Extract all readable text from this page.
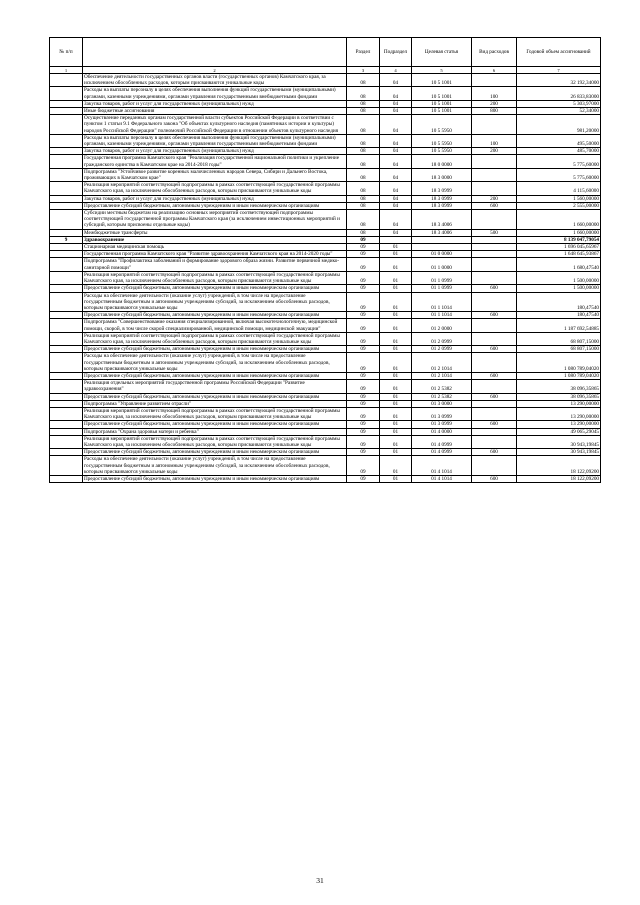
№ п/п		Раздел	Подраздел	Целевая статья	Вид расходов	Годовой объем ассигнований
1	2	3	4	5	6	7
	Обеспечение деятельности государственных органов власти (государственных органов) Камчатского края, за исключением обособленных расходов, которым присваиваются уникальные коды	08	04	10 5 1001		32 192,34000
	Расходы на выплаты персоналу в целях обеспечения выполнения функций государственными (муниципальными) органами, казенными учреждениями, органами управления государственными внебюджетными фондами	08	04	10 5 1001	100	26 833,83000
	Закупка товаров, работ и услуг для государственных (муниципальных) нужд	08	04	10 5 1001	200	5 303,97000
	Иные бюджетные ассигнования	08	04	10 5 1001	800	52,34000
	Осуществление переданных органам государственной власти субъектов Российской Федерации в соответствии с пунктом 1 статьи 9.1 Федерального закона "Об объектах культурного наследия (памятниках истории и культуры) народов Российской Федерации" полномочий Российской Федерации в отношении объектов культурного наследия	08	04	10 5 5950		981,20000
	Расходы на выплаты персоналу в целях обеспечения выполнения функций государственными (муниципальными) органами, казенными учреждениями, органами управления государственными внебюджетными фондами	08	04	10 5 5950	100	495,50000
	Закупка товаров, работ и услуг для государственных (муниципальных) нужд	08	04	10 5 5950	200	485,70000
	Государственная программа Камчатского края "Реализация государственной национальной политики и укрепление гражданского единства в Камчатском крае на 2014-2018 годы"	08	04	18 0 0000		5 775,60000
	Подпрограмма "Устойчивое развитие коренных малочисленных народов Севера, Сибири и Дальнего Востока, проживающих в Камчатском крае"	08	04	18 3 0000		5 775,60000
	Реализация мероприятий соответствующей подпрограммы в рамках соответствующей государственной программы Камчатского края, за исключением обособленных расходов, которым присваиваются уникальные коды	08	04	18 3 0999		4 115,60000
	Закупка товаров, работ и услуг для государственных (муниципальных) нужд	08	04	18 3 0999	200	1 560,00000
	Предоставление субсидий бюджетным, автономным учреждениям и иным некоммерческим организациям	08	04	18 3 0999	600	2 555,00000
	Субсидии местным бюджетам на реализацию основных мероприятий соответствующей подпрограммы соответствующей государственной программы Камчатского края (за исключением инвестиционных мероприятий и субсидий, которым присвоены отдельные коды)	08	04	18 3 4006		1 660,00000
	Межбюджетные трансферты	08	04	18 3 4006	500	1 660,00000
9	Здравоохранение	09				8 139 047,79054
	Стационарная медицинская помощь	09	01			1 696 045,65967
	Государственная программа Камчатского края "Развитие здравоохранения Камчатского края на 2014-2020 годы"	09	01	01 0 0000		1 648 645,93867
	Подпрограмма "Профилактика заболеваний и формирование здорового образа жизни. Развитие первичной медико-санитарной помощи"	09	01	01 1 0000		1 680,47540
	Реализация мероприятий соответствующей подпрограммы в рамках соответствующей государственной программы Камчатского края, за исключением обособленных расходов, которым присваиваются уникальные коды	09	01	01 1 0999		1 500,00000
	Предоставление субсидий бюджетным, автономным учреждениям и иным некоммерческим организациям	09	01	01 1 0999	600	1 500,00000
	Расходы на обеспечение деятельности (оказание услуг) учреждений, в том числе на предоставление государственным бюджетным и автономным учреждениям субсидий, за исключением обособленных расходов, которым присваиваются уникальные коды	09	01	01 1 1014		180,47540
	Предоставление субсидий бюджетным, автономным учреждениям и иным некоммерческим организациям	09	01	01 1 1014	600	180,47540
	Подпрограмма "Совершенствование оказания специализированной, включая высокотехнологичную, медицинской помощи, скорой, в том числе скорой специализированной, медицинской помощи, медицинской эвакуации"	09	01	01 2 0000		1 187 692,54885
	Реализация мероприятий соответствующей подпрограммы в рамках соответствующей государственной программы Камчатского края, за исключением обособленных расходов, которым присваиваются уникальные коды	09	01	01 2 0999		68 807,15000
	Предоставление субсидий бюджетным, автономным учреждениям и иным некоммерческим организациям	09	01	01 2 0999	600	68 807,15000
	Расходы на обеспечение деятельности (оказание услуг) учреждений, в том числе на предоставление государственным бюджетным и автономным учреждениям субсидий, за исключением обособленных расходов, которым присваиваются уникальные коды	09	01	01 2 1014		1 080 789,04020
	Предоставление субсидий бюджетным, автономным учреждениям и иным некоммерческим организациям	09	01	01 2 1014	600	1 080 789,04020
	Реализация отдельных мероприятий государственной программы Российской Федерации "Развитие здравоохранения"	09	01	01 2 5382		38 096,35865
	Предоставление субсидий бюджетным, автономным учреждениям и иным некоммерческим организациям	09	01	01 2 5382	600	38 096,35865
	Подпрограмма "Управление развитием отрасли"	09	01	01 3 0000		13 290,00000
	Реализация мероприятий соответствующей подпрограммы в рамках соответствующей государственной программы Камчатского края, за исключением обособленных расходов, которым присваиваются уникальные коды	09	01	01 3 0999		13 290,00000
	Предоставление субсидий бюджетным, автономным учреждениям и иным некоммерческим организациям	09	01	01 3 0999	600	13 290,00000
	Подпрограмма "Охрана здоровья матери и ребенка"	09	01	01 4 0000		49 065,29045
	Реализация мероприятий соответствующей подпрограммы в рамках соответствующей государственной программы Камчатского края, за исключением обособленных расходов, которым присваиваются уникальные коды	09	01	01 4 0999		30 943,19845
	Предоставление субсидий бюджетным, автономным учреждениям и иным некоммерческим организациям	09	01	01 4 0999	600	30 943,19845
	Расходы на обеспечение деятельности (оказание услуг) учреждений, в том числе на предоставление государственным бюджетным и автономным учреждениям субсидий, за исключением обособленных расходов, которым присваиваются уникальные коды	09	01	01 4 1014		18 122,09200
	Предоставление субсидий бюджетным, автономным учреждениям и иным некоммерческим организациям	09	01	01 4 1014	600	18 122,09200
31
